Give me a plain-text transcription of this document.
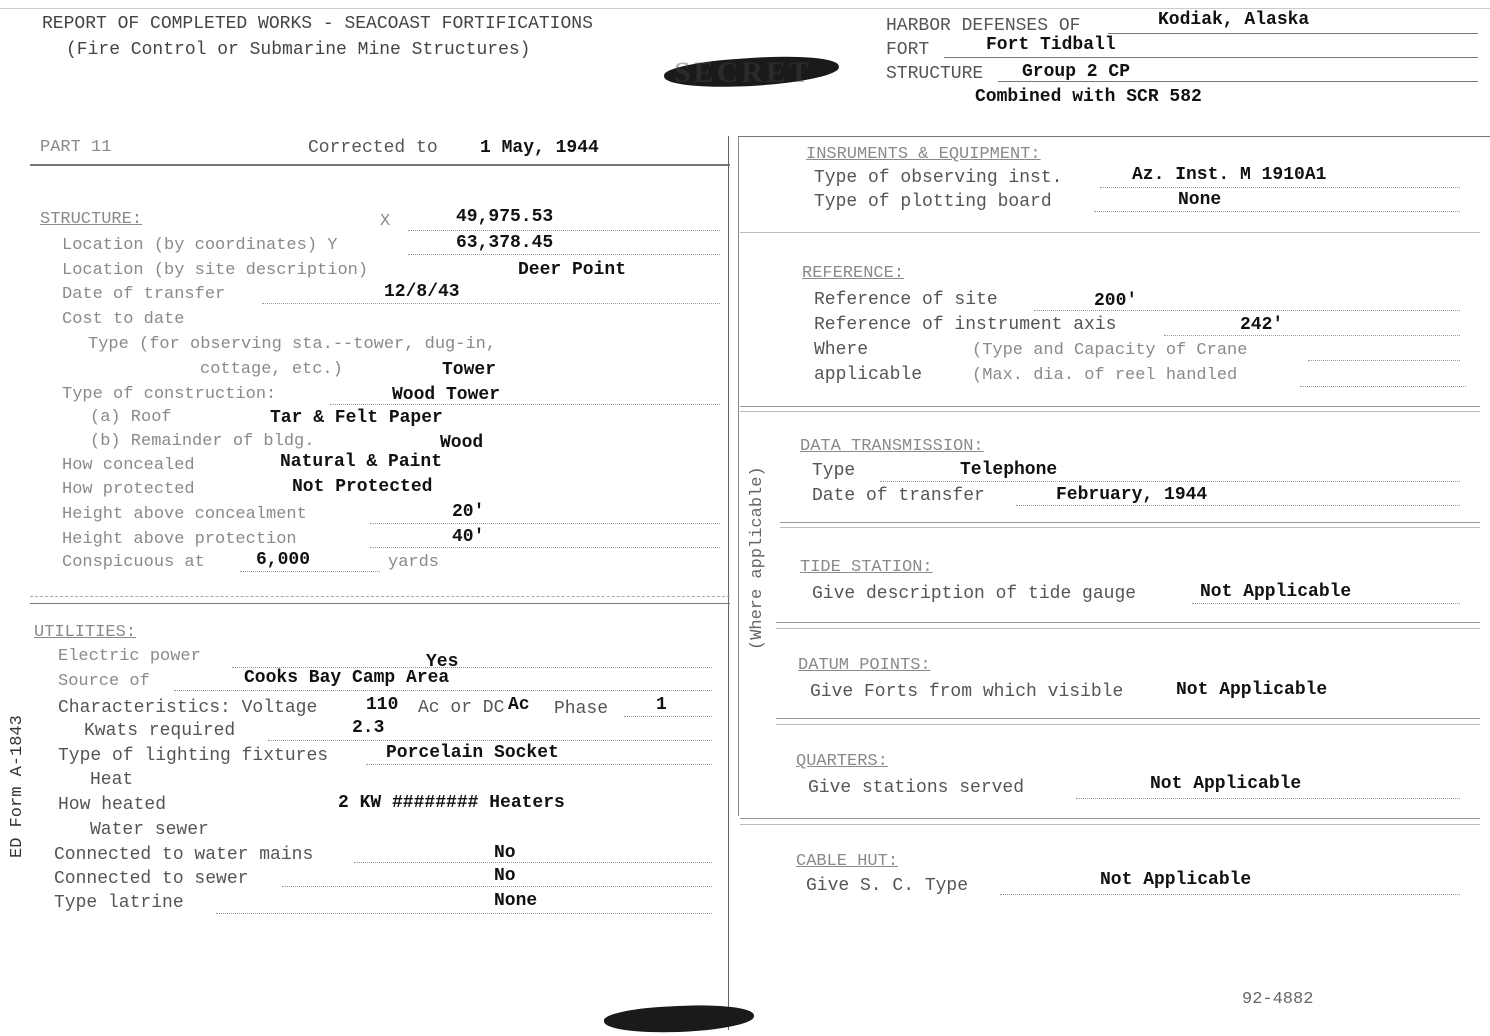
REPORT OF COMPLETED WORKS - SEACOAST FORTIFICATIONS
(Fire Control or Submarine Mine Structures)
SECRET
HARBOR DEFENSES OF	Kodiak, Alaska
FORT	Fort Tidball
STRUCTURE Group 2 CP
Combined with SCR 582
PART 11	Corrected to 1 May, 1944
STRUCTURE:	X	49,975.53
Location (by coordinates) Y	63,378.45
Location (by site description)	Deer Point
Date of transfer	12/8/43
Cost to date
Type (for observing sta.--tower, dug-in,
cottage, etc.)	Tower
Type of construction:	Wood Tower
(a) Roof	Tar & Felt Paper
(b) Remainder of bldg.	Wood
How concealed	Natural & Paint
How protected	Not Protected
Height above concealment	20'
Height above protection	40'
Conspicuous at	6,000	yards
UTILITIES:
Electric power	Yes
Source of	Cooks Bay Camp Area
Characteristics: Voltage	110 Ac or DC Ac Phase	1
Kwats required	2.3
Type of lighting fixtures	Porcelain Socket
Heat
How heated	2 KW ######## Heaters
Water sewer
Connected to water mains	No
Connected to sewer	No
Type latrine	None
INSRUMENTS & EQUIPMENT:
Type of observing inst.	Az. Inst. M 1910A1
Type of plotting board	None
REFERENCE:
Reference of site	200'
Reference of instrument axis	242'
Where	(Type and Capacity of Crane
applicable	(Max. dia. of reel handled
DATA TRANSMISSION:
Type	Telephone
Date of transfer	February, 1944
TIDE STATION:
Give description of tide gauge	Not Applicable
DATUM POINTS:
Give Forts from which visible	Not Applicable
QUARTERS:
Give stations served	Not Applicable
CABLE HUT:
Give S. C. Type	Not Applicable
(Where applicable)
ED Form A-1843
92-4882
